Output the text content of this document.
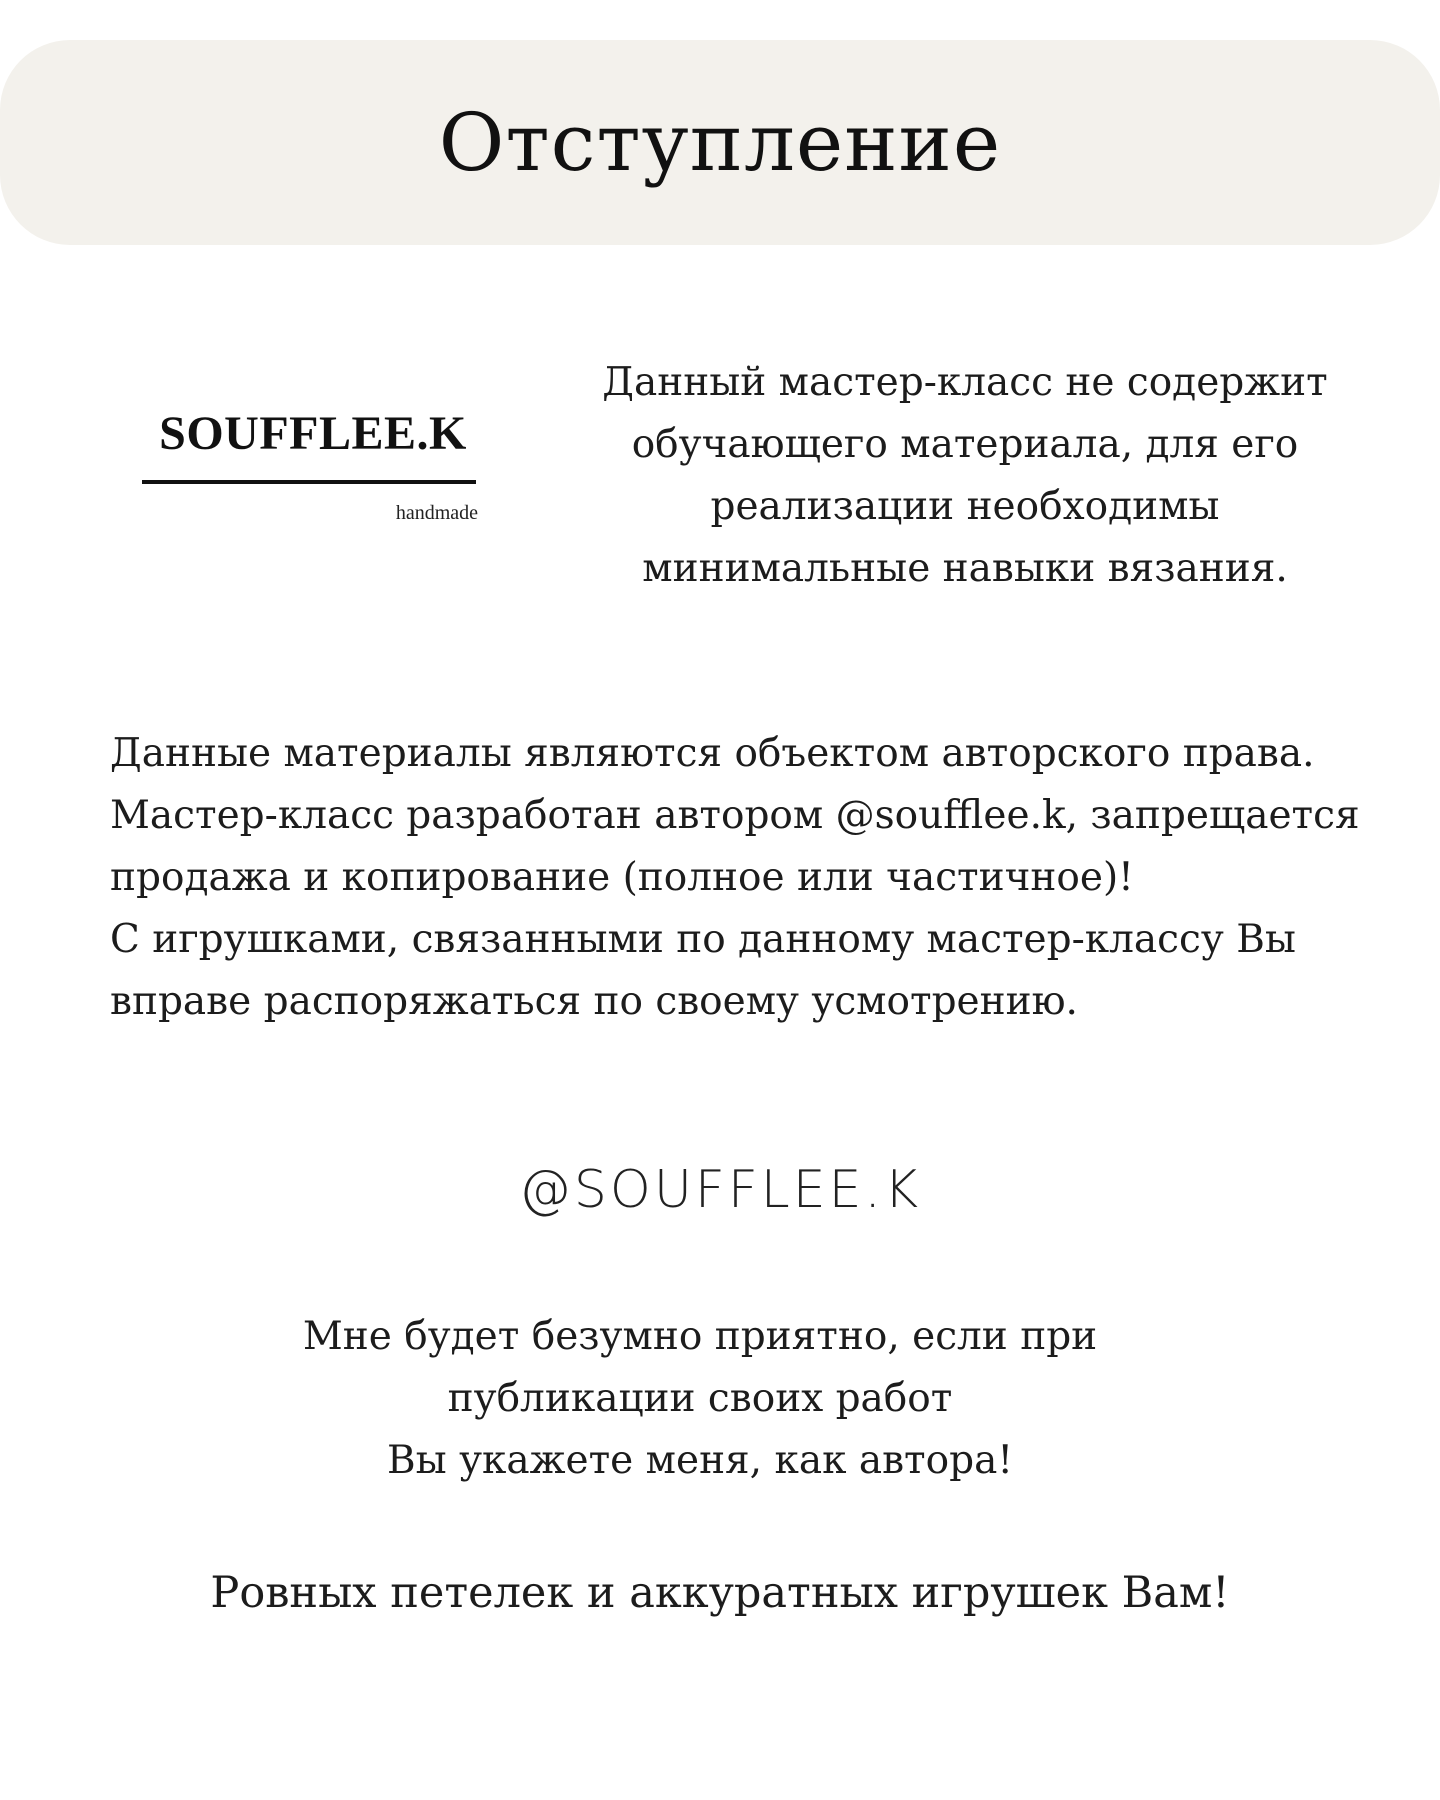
Отступление
SOUFFLEE.K
handmade

Данный мастер-класс не содержит
обучающего материала, для его
реализации необходимы
минимальные навыки вязания.

Данные материалы являются объектом авторского права.
Мастер-класс разработан автором @soufflee.k, запрещается
продажа и копирование (полное или частичное)!
С игрушками, связанными по данному мастер-классу Вы
вправе распоряжаться по своему усмотрению.

@SOUFFLEE.K

Мне будет безумно приятно, если при
публикации своих работ
Вы укажете меня, как автора!

Ровных петелек и аккуратных игрушек Вам!
